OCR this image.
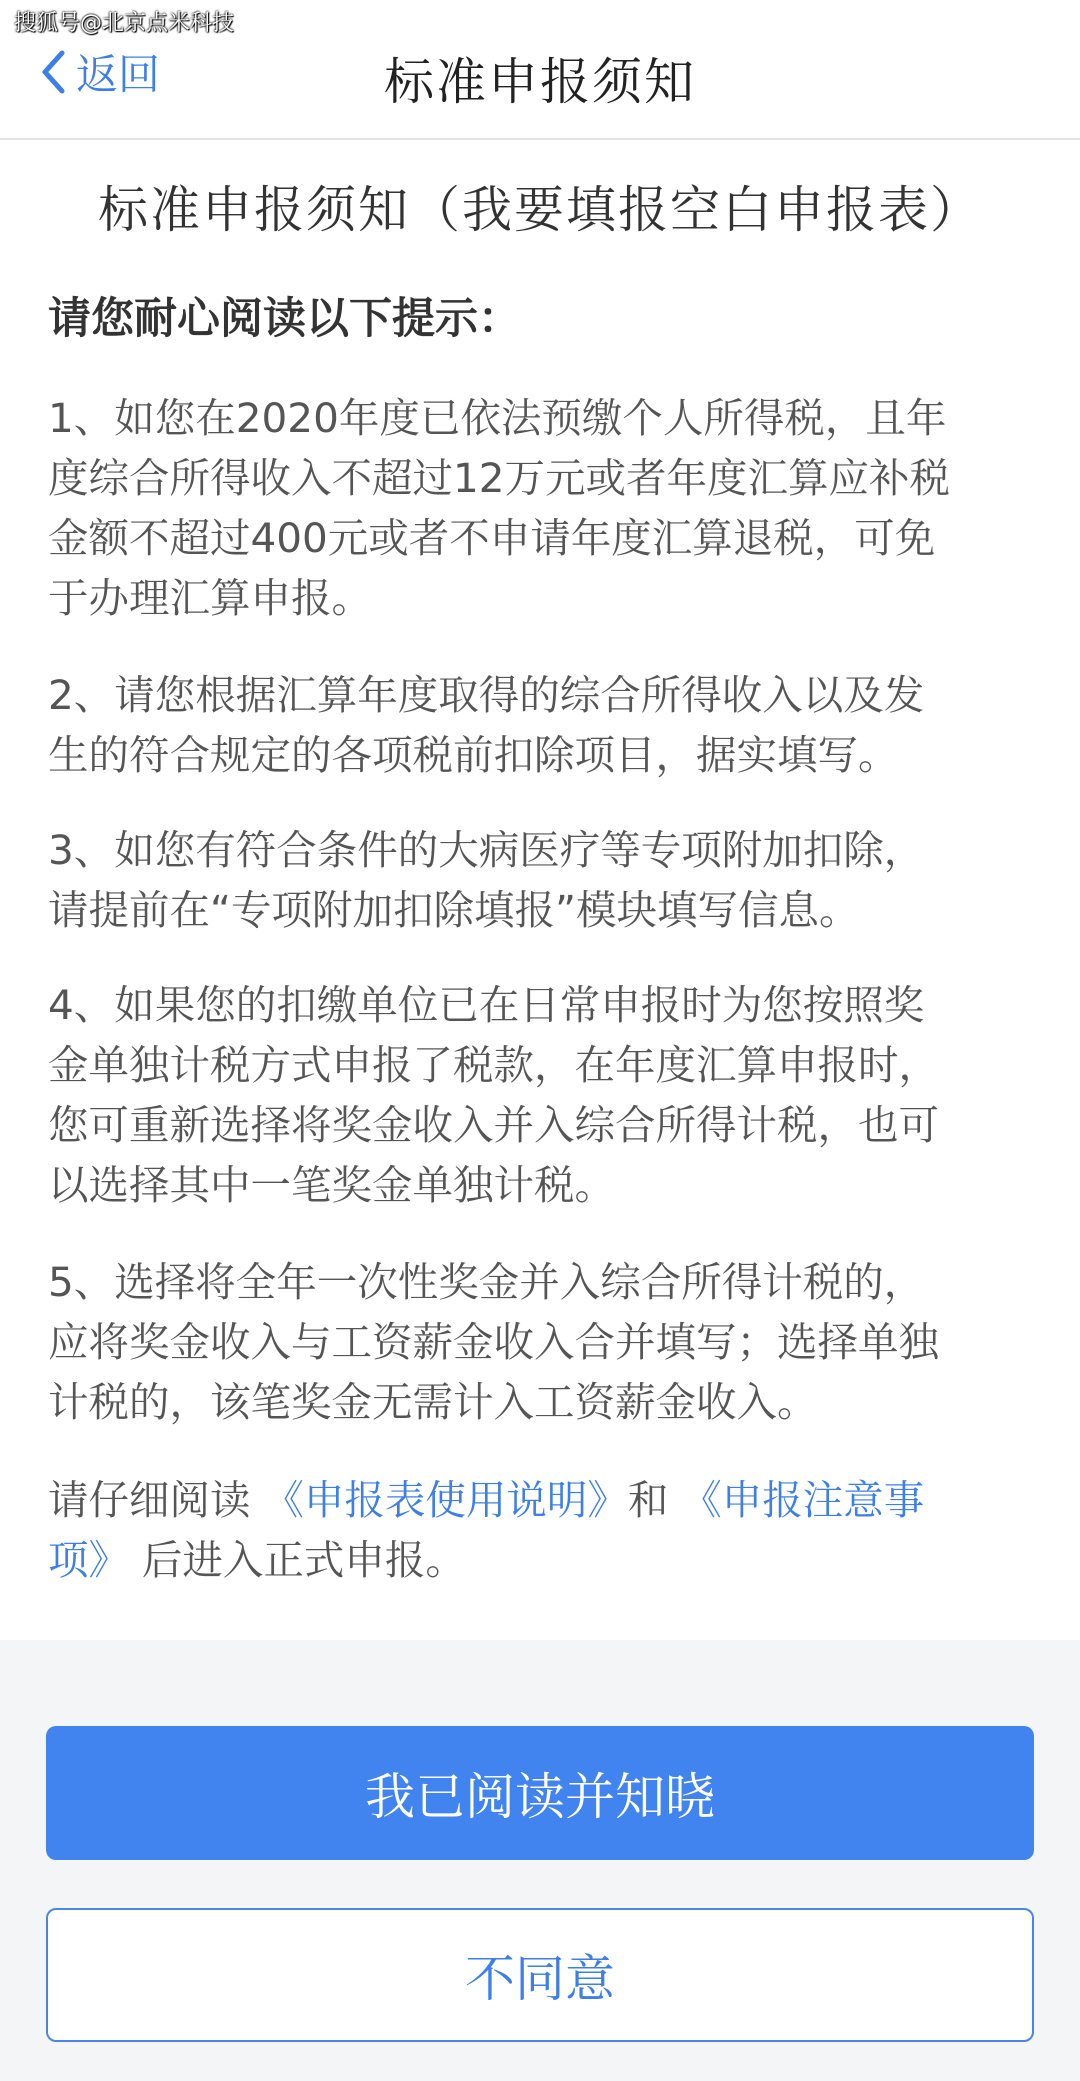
搜狐号@北京点米科技
返回	标准申报须知
标准申报须知（我要填报空白申报表）
请您耐心阅读以下提示：
1、如您在2020年度已依法预缴个人所得税，且年
度综合所得收入不超过12万元或者年度汇算应补税
金额不超过400元或者不申请年度汇算退税，可免
于办理汇算申报。
2、请您根据汇算年度取得的综合所得收入以及发
生的符合规定的各项税前扣除项目，据实填写。
3、如您有符合条件的大病医疗等专项附加扣除，
请提前在“专项附加扣除填报”模块填写信息。
4、如果您的扣缴单位已在日常申报时为您按照奖
金单独计税方式申报了税款，在年度汇算申报时，
您可重新选择将奖金收入并入综合所得计税，也可
以选择其中一笔奖金单独计税。
5、选择将全年一次性奖金并入综合所得计税的，
应将奖金收入与工资薪金收入合并填写；选择单独
计税的，该笔奖金无需计入工资薪金收入。
请仔细阅读 《申报表使用说明》和 《申报注意事
项》 后进入正式申报。
我已阅读并知晓
不同意
